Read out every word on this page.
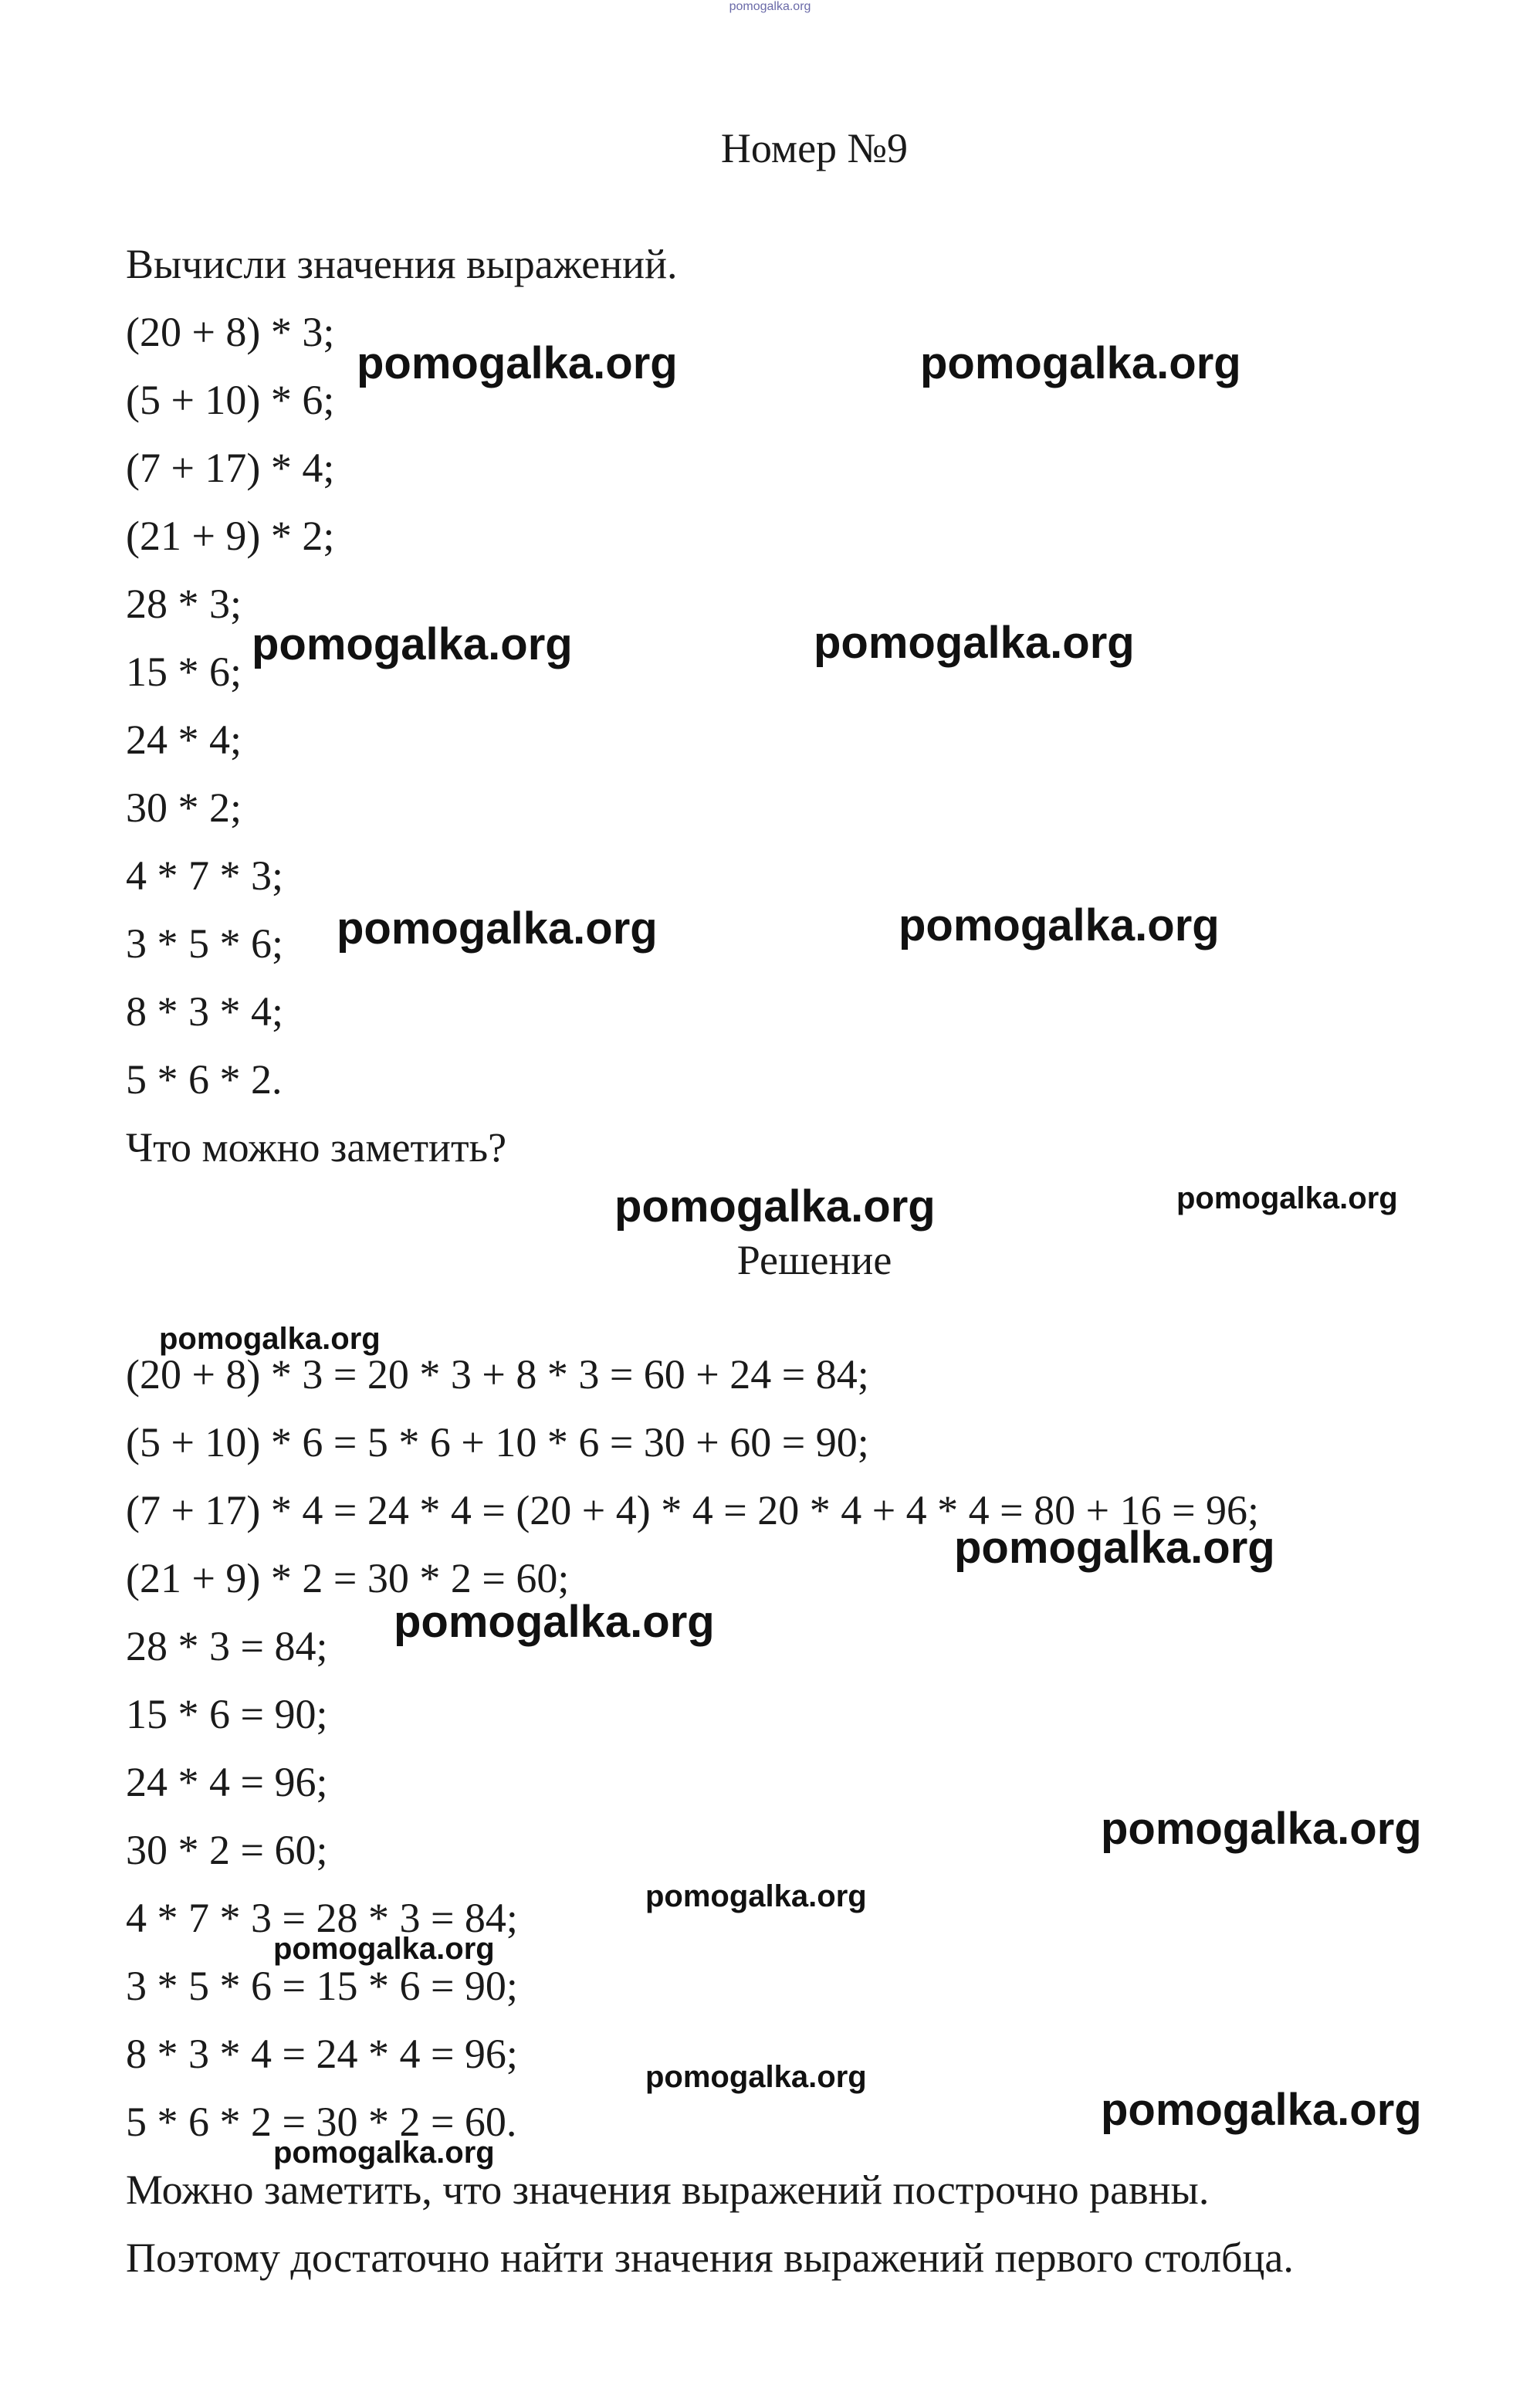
pomogalka.org
Номер №9
Вычисли значения выражений.
(20 + 8) * 3;
(5 + 10) * 6;
(7 + 17) * 4;
(21 + 9) * 2;
28 * 3;
15 * 6;
24 * 4;
30 * 2;
4 * 7 * 3;
3 * 5 * 6;
8 * 3 * 4;
5 * 6 * 2.
Что можно заметить?
Решение
(20 + 8) * 3 = 20 * 3 + 8 * 3 = 60 + 24 = 84;
(5 + 10) * 6 = 5 * 6 + 10 * 6 = 30 + 60 = 90;
(7 + 17) * 4 = 24 * 4 = (20 + 4) * 4 = 20 * 4 + 4 * 4 = 80 + 16 = 96;
(21 + 9) * 2 = 30 * 2 = 60;
28 * 3 = 84;
15 * 6 = 90;
24 * 4 = 96;
30 * 2 = 60;
4 * 7 * 3 = 28 * 3 = 84;
3 * 5 * 6 = 15 * 6 = 90;
8 * 3 * 4 = 24 * 4 = 96;
5 * 6 * 2 = 30 * 2 = 60.
Можно заметить, что значения выражений построчно равны.
Поэтому достаточно найти значения выражений первого столбца.
pomogalka.org	pomogalka.org
pomogalka.org	pomogalka.org
pomogalka.org	pomogalka.org
pomogalka.org	pomogalka.org
pomogalka.org
pomogalka.org
pomogalka.org
pomogalka.org
pomogalka.org
pomogalka.org
pomogalka.org
pomogalka.org
pomogalka.org
